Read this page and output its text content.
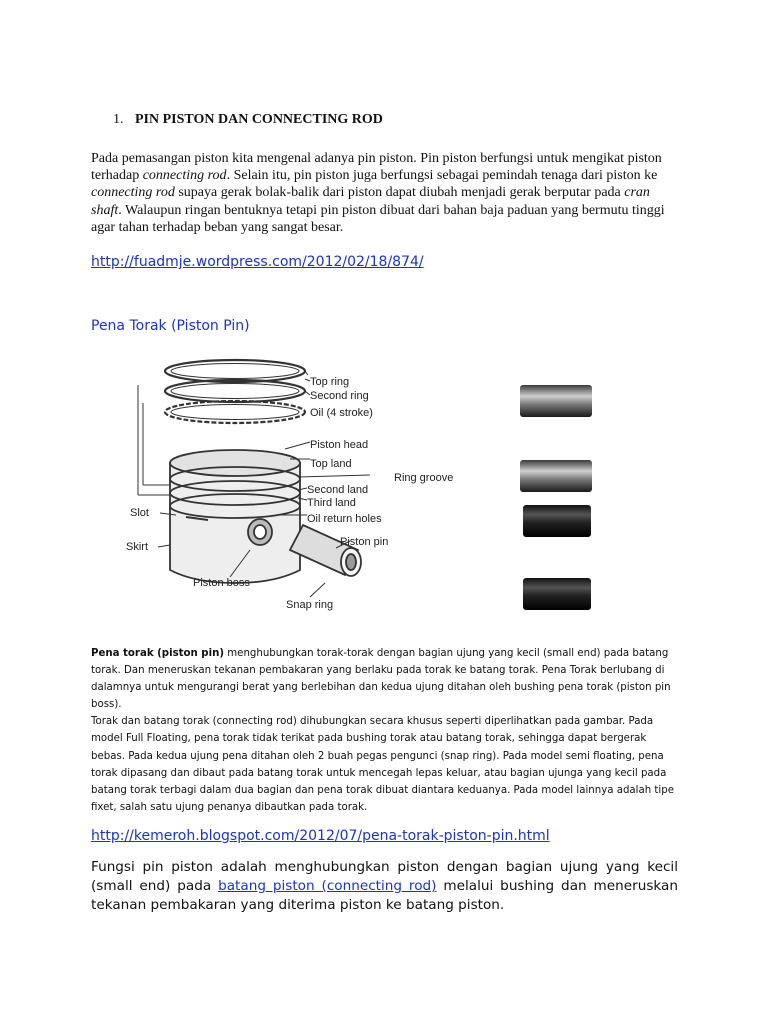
1. PIN PISTON DAN CONNECTING ROD

Pada pemasangan piston kita mengenal adanya pin piston. Pin piston berfungsi untuk mengikat piston terhadap connecting rod. Selain itu, pin piston juga berfungsi sebagai pemindah tenaga dari piston ke connecting rod supaya gerak bolak-balik dari piston dapat diubah menjadi gerak berputar pada cran shaft. Walaupun ringan bentuknya tetapi pin piston dibuat dari bahan baja paduan yang bermutu tinggi agar tahan terhadap beban yang sangat besar.

http://fuadmje.wordpress.com/2012/02/18/874/
Pena Torak (Piston Pin)
Top ring
Second ring
Oil (4 stroke)
Piston head
Top land
Ring groove
Second land
Third land
Oil return holes
Slot
Piston pin
Skirt
Piston boss
Snap ring

Pena torak (piston pin) menghubungkan torak-torak dengan bagian ujung yang kecil (small end) pada batang torak. Dan meneruskan tekanan pembakaran yang berlaku pada torak ke batang torak. Pena Torak berlubang di dalamnya untuk mengurangi berat yang berlebihan dan kedua ujung ditahan oleh bushing pena torak (piston pin boss).
Torak dan batang torak (connecting rod) dihubungkan secara khusus seperti diperlihatkan pada gambar. Pada model Full Floating, pena torak tidak terikat pada bushing torak atau batang torak, sehingga dapat bergerak bebas. Pada kedua ujung pena ditahan oleh 2 buah pegas pengunci (snap ring). Pada model semi floating, pena torak dipasang dan dibaut pada batang torak untuk mencegah lepas keluar, atau bagian ujunga yang kecil pada batang torak terbagi dalam dua bagian dan pena torak dibuat diantara keduanya. Pada model lainnya adalah tipe fixet, salah satu ujung penanya dibautkan pada torak.

http://kemeroh.blogspot.com/2012/07/pena-torak-piston-pin.html

Fungsi pin piston adalah menghubungkan piston dengan bagian ujung yang kecil (small end) pada batang piston (connecting rod) melalui bushing dan meneruskan tekanan pembakaran yang diterima piston ke batang piston.
